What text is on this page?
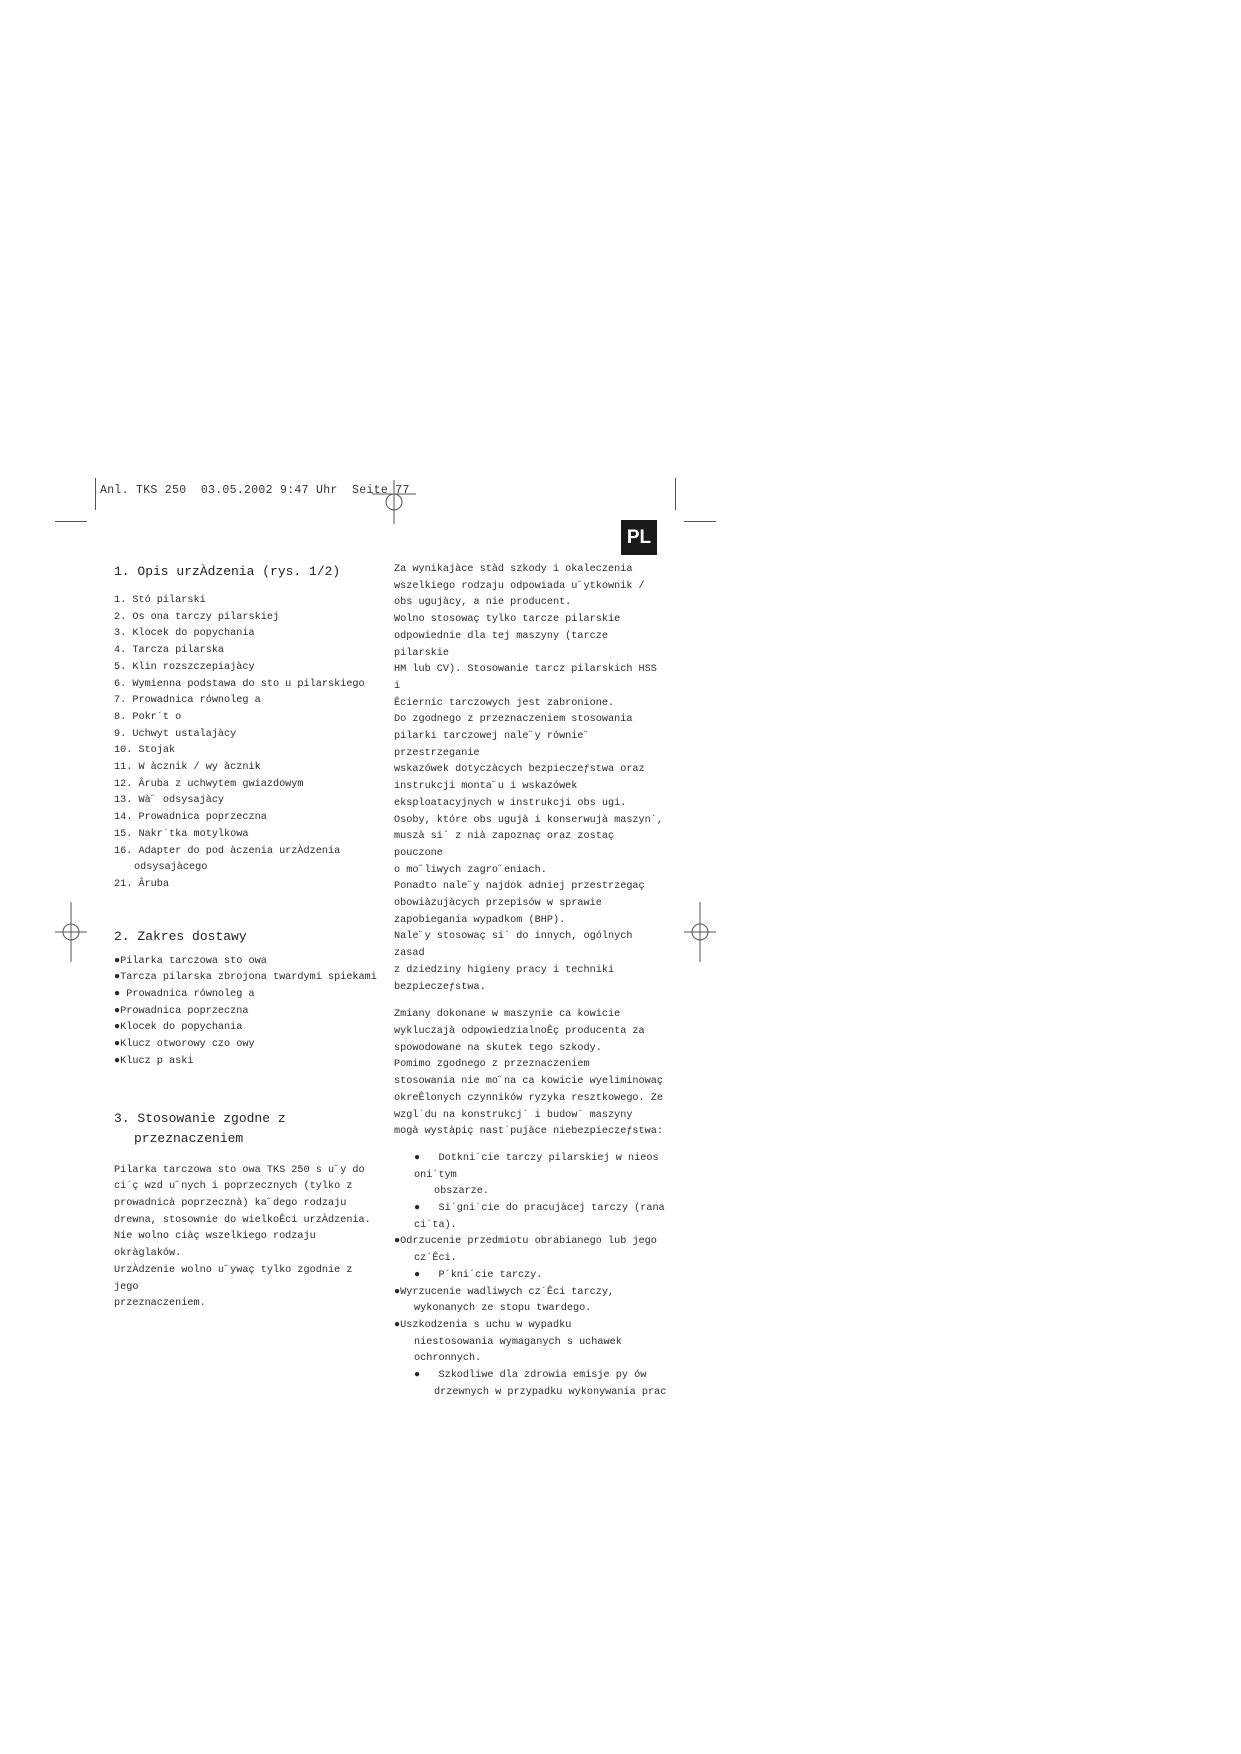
Anl. TKS 250  03.05.2002 9:47 Uhr  Seite 77
PL
1. Opis urzÀdzenia (rys. 1/2)
1. Stó pilarski
2. Os ona tarczy pilarskiej
3. Klocek do popychania
4. Tarcza pilarska
5. Klin rozszczepiajàcy
6. Wymienna podstawa do sto u pilarskiego
7. Prowadnica równoleg a
8. Pokr´t o
9. Uchwyt ustalajàcy
10. Stojak
11. W àcznik / wy àcznik
12. Âruba z uchwytem gwiazdowym
13. Wà˝ odsysajàcy
14. Prowadnica poprzeczna
15. Nakr´tka motylkowa
16. Adapter do pod àczenia urzÀdzenia
odsysajàcego
21. Âruba
2. Zakres dostawy
●Pilarka tarczowa sto owa
●Tarcza pilarska zbrojona twardymi spiekami
● Prowadnica równoleg a
●Prowadnica poprzeczna
●Klocek do popychania
●Klucz otworowy czo owy
●Klucz p aski
3. Stosowanie zgodne z
przeznaczeniem
Pilarka tarczowa sto owa TKS 250 s u˝y do
ci´ç wzd u˝nych i poprzecznych (tylko z
prowadnicà poprzecznà) ka˝dego rodzaju
drewna, stosownie do wielkoÊci urzÀdzenia.
Nie wolno ciàç wszelkiego rodzaju okràglaków.
UrzÀdzenie wolno u˝ywaç tylko zgodnie z jego
przeznaczeniem.
Za wynikajàce stàd szkody i okaleczenia
wszelkiego rodzaju odpowiada u˝ytkownik /
obs ugujàcy, a nie producent.
Wolno stosowaç tylko tarcze pilarskie
odpowiednie dla tej maszyny (tarcze pilarskie
HM lub CV). Stosowanie tarcz pilarskich HSS i
Êciernic tarczowych jest zabronione.
Do zgodnego z przeznaczeniem stosowania
pilarki tarczowej nale˝y równie˝ przestrzeganie
wskazówek dotyczàcych bezpieczeƒstwa oraz
instrukcji monta˝u i wskazówek
eksploatacyjnych w instrukcji obs ugi.
Osoby, które obs ugujà i konserwujà maszyn´,
muszà si´ z nià zapoznaç oraz zostaç pouczone
o mo˝liwych zagro˝eniach.
Ponadto nale˝y najdok adniej przestrzegaç
obowiàzujàcych przepisów w sprawie
zapobiegania wypadkom (BHP).
Nale˝y stosowaç si´ do innych, ogólnych zasad
z dziedziny higieny pracy i techniki
bezpieczeƒstwa.
Zmiany dokonane w maszynie ca kowicie
wykluczajà odpowiedzialnoÊç producenta za
spowodowane na skutek tego szkody.
Pomimo zgodnego z przeznaczeniem
stosowania nie mo˝na ca kowicie wyeliminowaç
okreÊlonych czynników ryzyka resztkowego. Ze
wzgl´du na konstrukcj´ i budow´ maszyny
mogà wystàpiç nast´pujàce niebezpieczeƒstwa:
● Dotkni´cie tarczy pilarskiej w nieos oni´tym
obszarze.
● Si´gni´cie do pracujàcej tarczy (rana ci´ta).
●Odrzucenie przedmiotu obrabianego lub jego
cz´Êci.
● P´kni´cie tarczy.
●Wyrzucenie wadliwych cz´Êci tarczy,
wykonanych ze stopu twardego.
●Uszkodzenia s uchu w wypadku
niestosowania wymaganych s uchawek
ochronnych.
● Szkodliwe dla zdrowia emisje py ów
drzewnych w przypadku wykonywania prac
